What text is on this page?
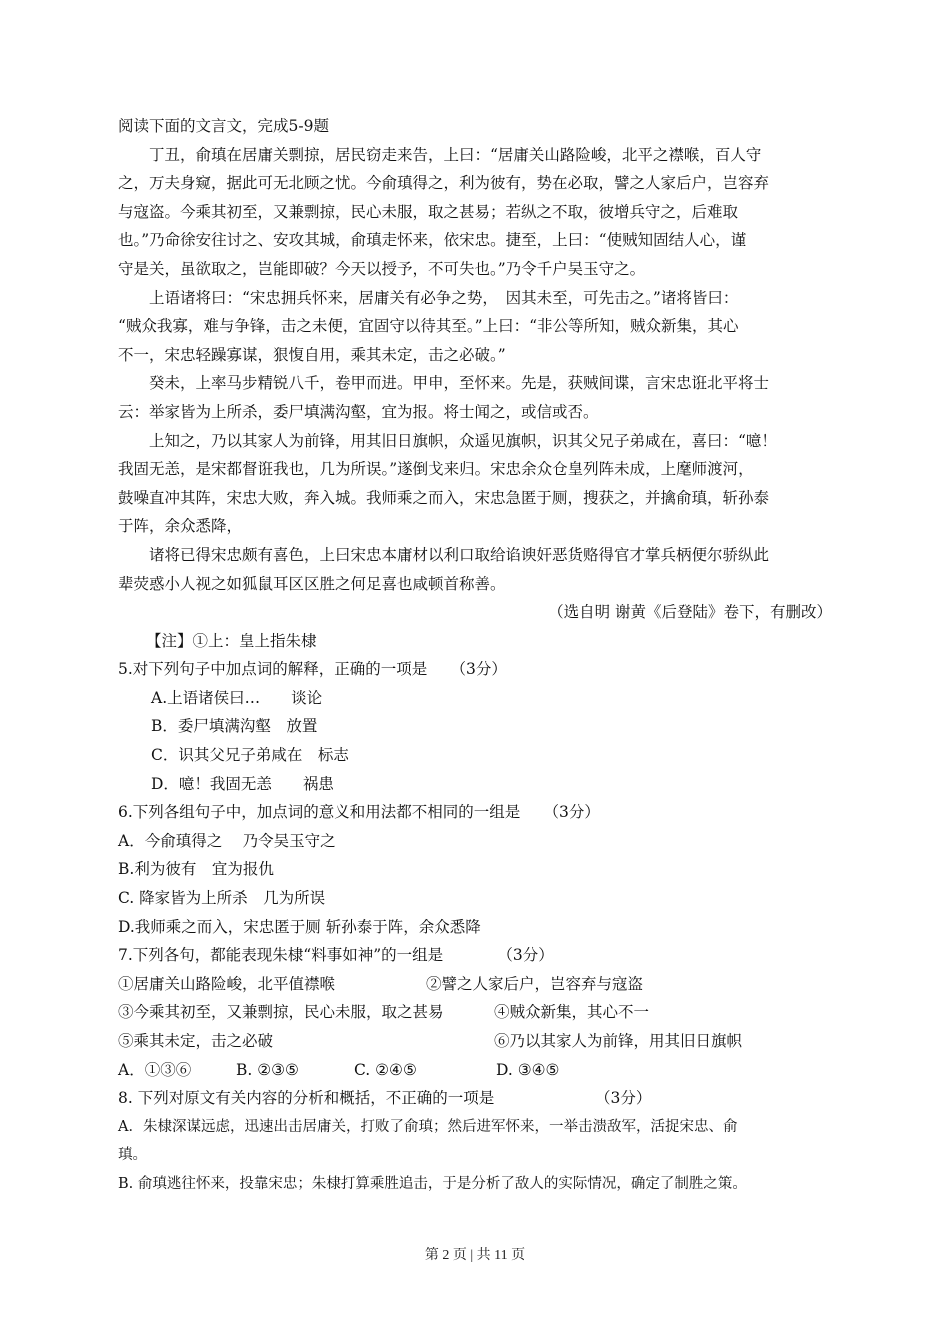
阅读下面的文言文，完成5-9题
丁丑，俞瑱在居庸关剽掠，居民窃走来告，上曰：“居庸关山路险峻，北平之襟喉，百人守
之，万夫身窥，据此可无北顾之忧。今俞瑱得之，利为彼有，势在必取，譬之人家后户，岂容弃
与寇盗。今乘其初至，又兼剽掠，民心未服，取之甚易；若纵之不取，彼增兵守之，后难取
也。”乃命徐安往讨之、安攻其城，俞瑱走怀来，依宋忠。捷至，上曰：“使贼知固结人心，谨
守是关，虽欲取之，岂能即破？今天以授予，不可失也。”乃令千户吴玉守之。
上语诸将曰：“宋忠拥兵怀来，居庸关有必争之势，　因其未至，可先击之。”诸将皆曰：
“贼众我寡，难与争锋，击之未便，宜固守以待其至。”上曰：“非公等所知，贼众新集，其心
不一，宋忠轻躁寡谋，狠愎自用，乘其未定，击之必破。”
癸未，上率马步精锐八千，卷甲而进。甲申，至怀来。先是，获贼间谍，言宋忠诳北平将士
云：举家皆为上所杀，委尸填满沟壑，宜为报。将士闻之，或信或否。
上知之，乃以其家人为前锋，用其旧日旗帜，众遥见旗帜，识其父兄子弟咸在，喜曰：“噫！
我固无恙，是宋都督诳我也，几为所误。”遂倒戈来归。宋忠余众仓皇列阵未成，上麾师渡河，
鼓噪直冲其阵，宋忠大败，奔入城。我师乘之而入，宋忠急匿于厕，搜获之，并擒俞瑱，斩孙泰
于阵，余众悉降，
诸将已得宋忠颇有喜色，上曰宋忠本庸材以利口取给谄谀奸恶货赂得官才掌兵柄便尔骄纵此
辈荧惑小人视之如狐鼠耳区区胜之何足喜也咸顿首称善。
（选自明 谢黄《后登陆》卷下，有删改）
【注】①上：皇上指朱棣
5.对下列句子中加点词的解释，正确的一项是　　（3分）
A.上语诸侯曰…　　谈论
B．委尸填满沟壑　放置
C．识其父兄子弟咸在　标志
D．噫！我固无恙　　祸患
6.下列各组句子中，加点词的意义和用法都不相同的一组是　　（3分）
A．今俞瑱得之　 乃令吴玉守之
B.利为彼有　宜为报仇
C. 降家皆为上所杀　几为所误
D.我师乘之而入，宋忠匿于厕 斩孙泰于阵，余众悉降
7.下列各句，都能表现朱棣“料事如神”的一组是　　　　（3分）
①居庸关山路险峻，北平值襟喉	②譬之人家后户，岂容弃与寇盗
③今乘其初至，又兼剽掠，民心未服，取之甚易	④贼众新集，其心不一
⑤乘其未定，击之必破	⑥乃以其家人为前锋，用其旧日旗帜
A．①③⑥	B. ②③⑤	C. ②④⑤	D. ③④⑤
8. 下列对原文有关内容的分析和概括，不正确的一项是　　　　　　　（3分）
A．朱棣深谋远虑，迅速出击居庸关，打败了俞瑱；然后进军怀来，一举击溃敌军，活捉宋忠、俞
瑱。
B. 俞瑱逃往怀来，投靠宋忠；朱棣打算乘胜追击，于是分析了敌人的实际情况，确定了制胜之策。
第 2 页 | 共 11 页
